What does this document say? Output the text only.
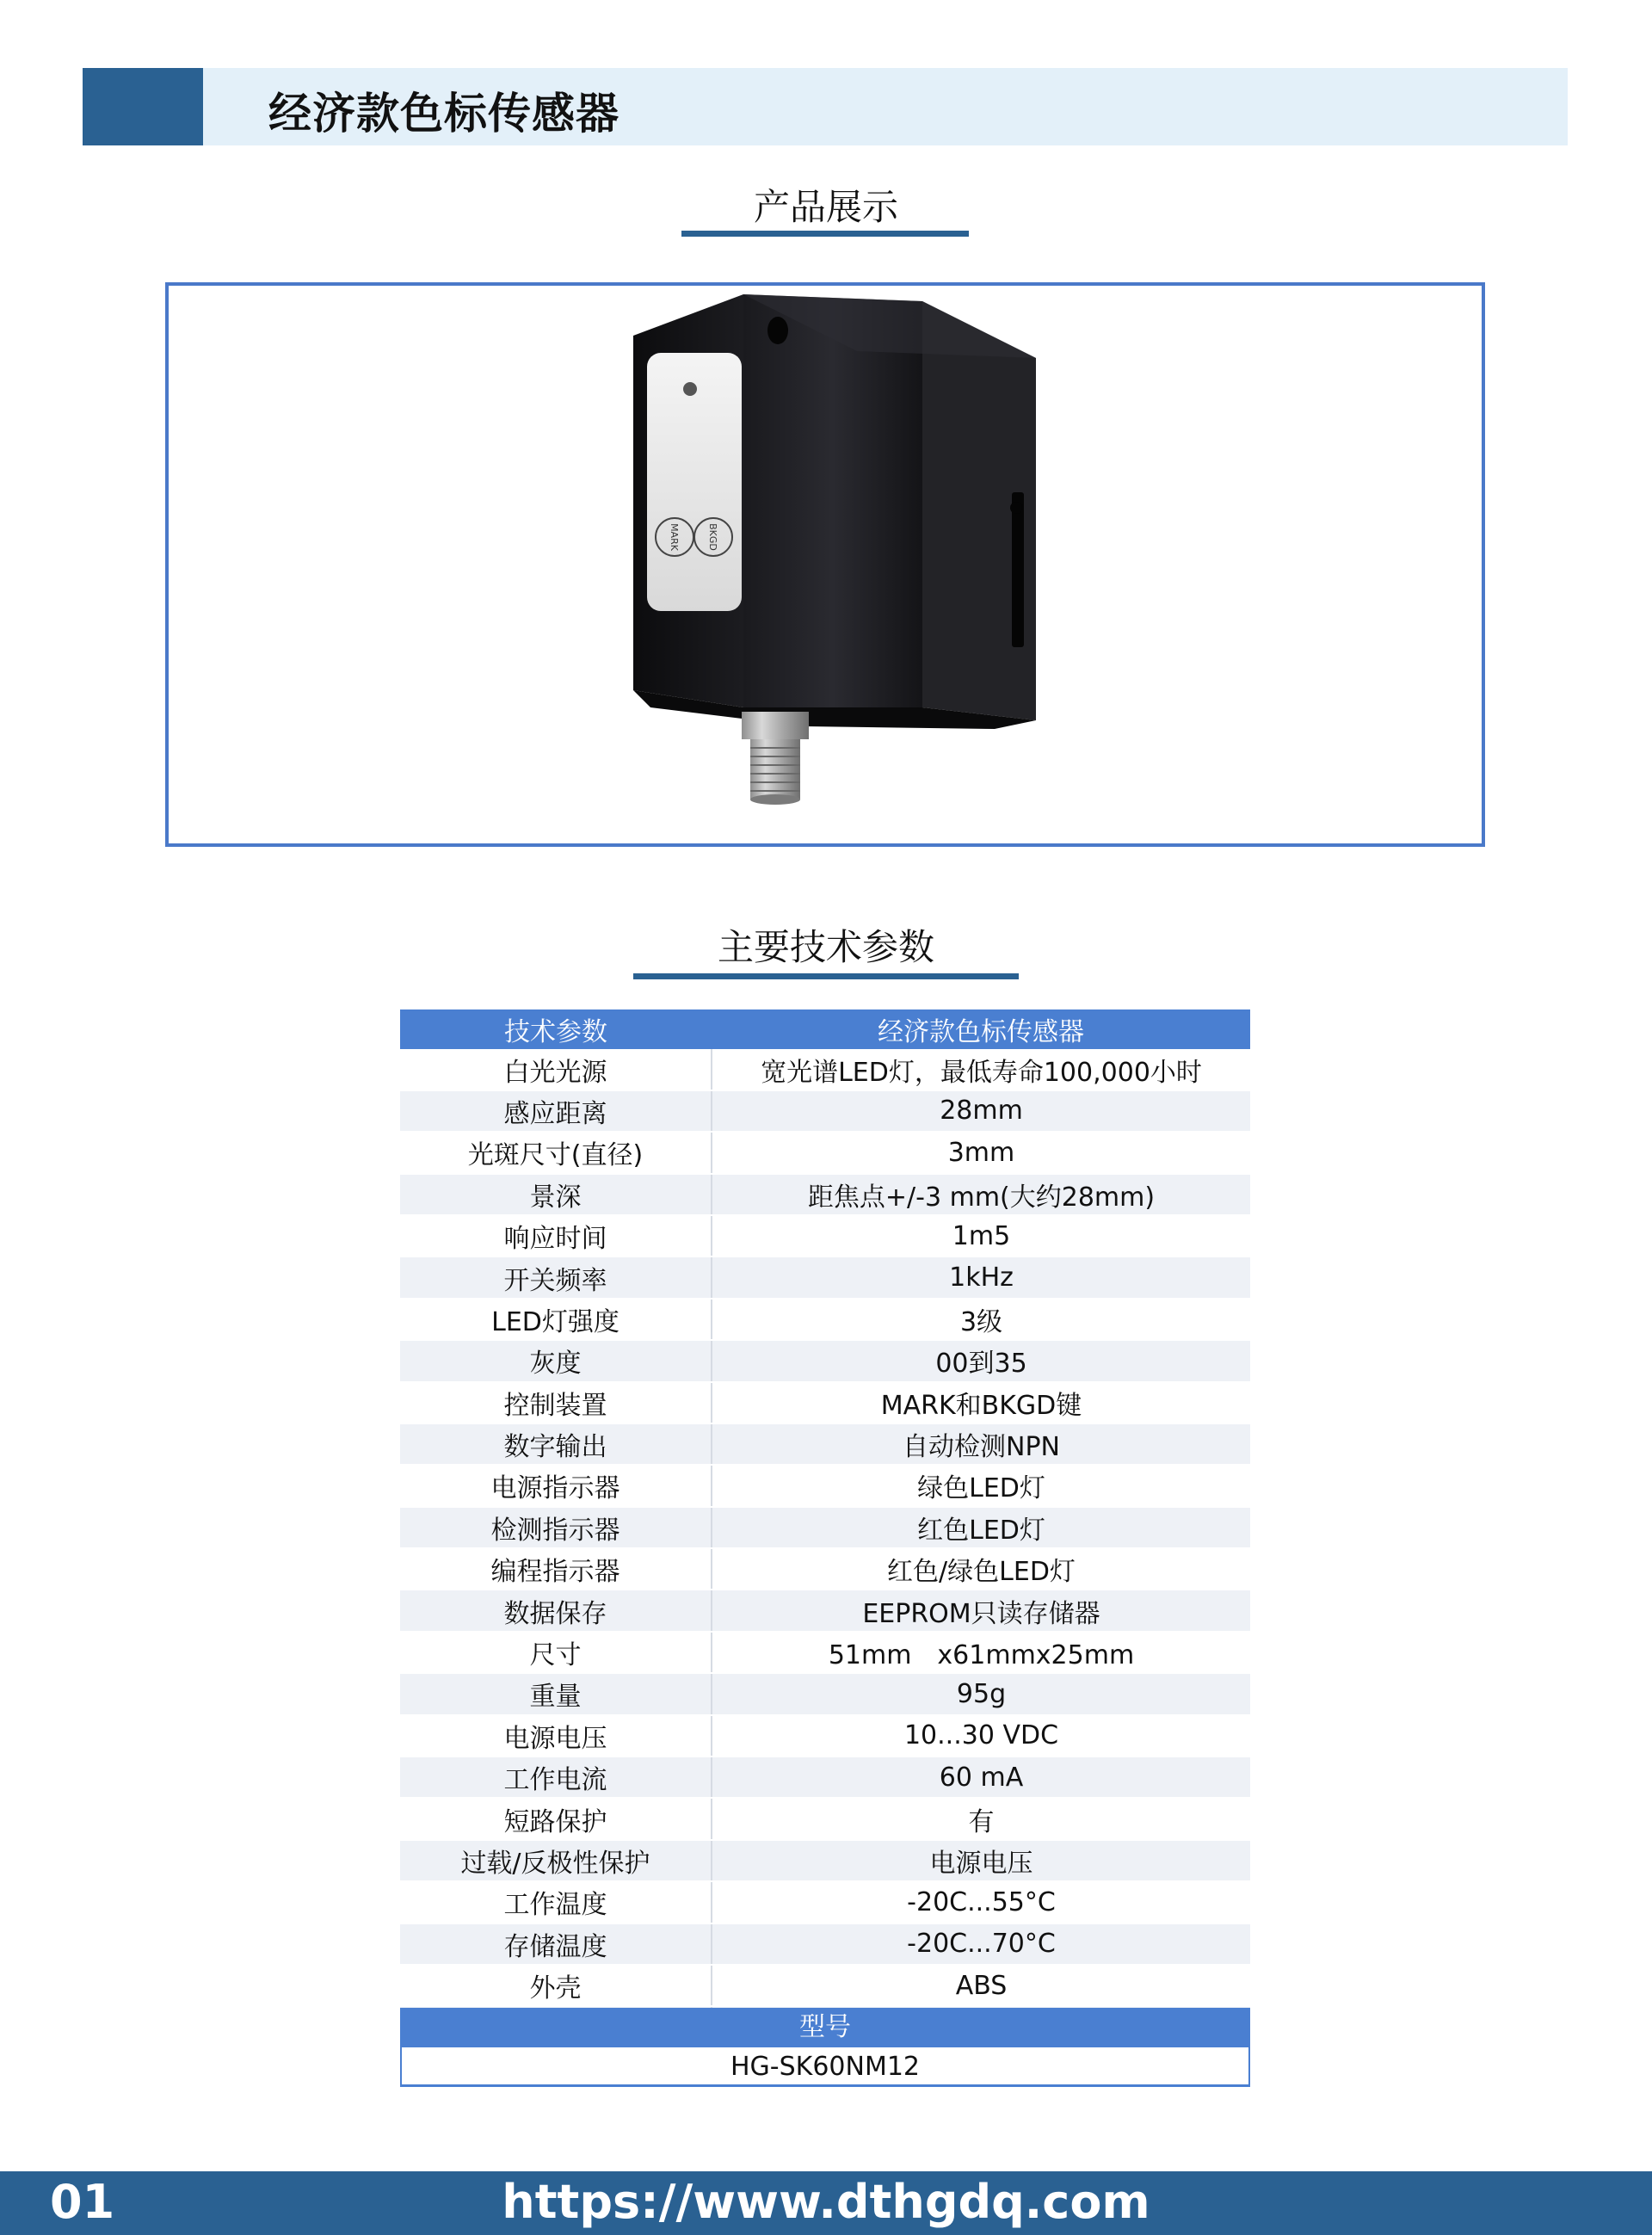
经济款色标传感器
产品展示
MARK	BKGD
主要技术参数
技术参数	经济款色标传感器
白光光源	宽光谱LED灯，最低寿命100,000小时
感应距离	28mm
光斑尺寸(直径)	3mm
景深	距焦点+/-3 mm(大约28mm)
响应时间	1m5
开关频率	1kHz
LED灯强度	3级
灰度	00到35
控制装置	MARK和BKGD键
数字输出	自动检测NPN
电源指示器	绿色LED灯
检测指示器	红色LED灯
编程指示器	红色/绿色LED灯
数据保存	EEPROM只读存储器
尺寸	51mm　x61mmx25mm
重量	95g
电源电压	10...30 VDC
工作电流	60 mA
短路保护	有
过载/反极性保护	电源电压
工作温度	-20C...55°C
存储温度	-20C...70°C
外壳	ABS

型号
HG-SK60NM12
01	https://www.dthgdq.com
